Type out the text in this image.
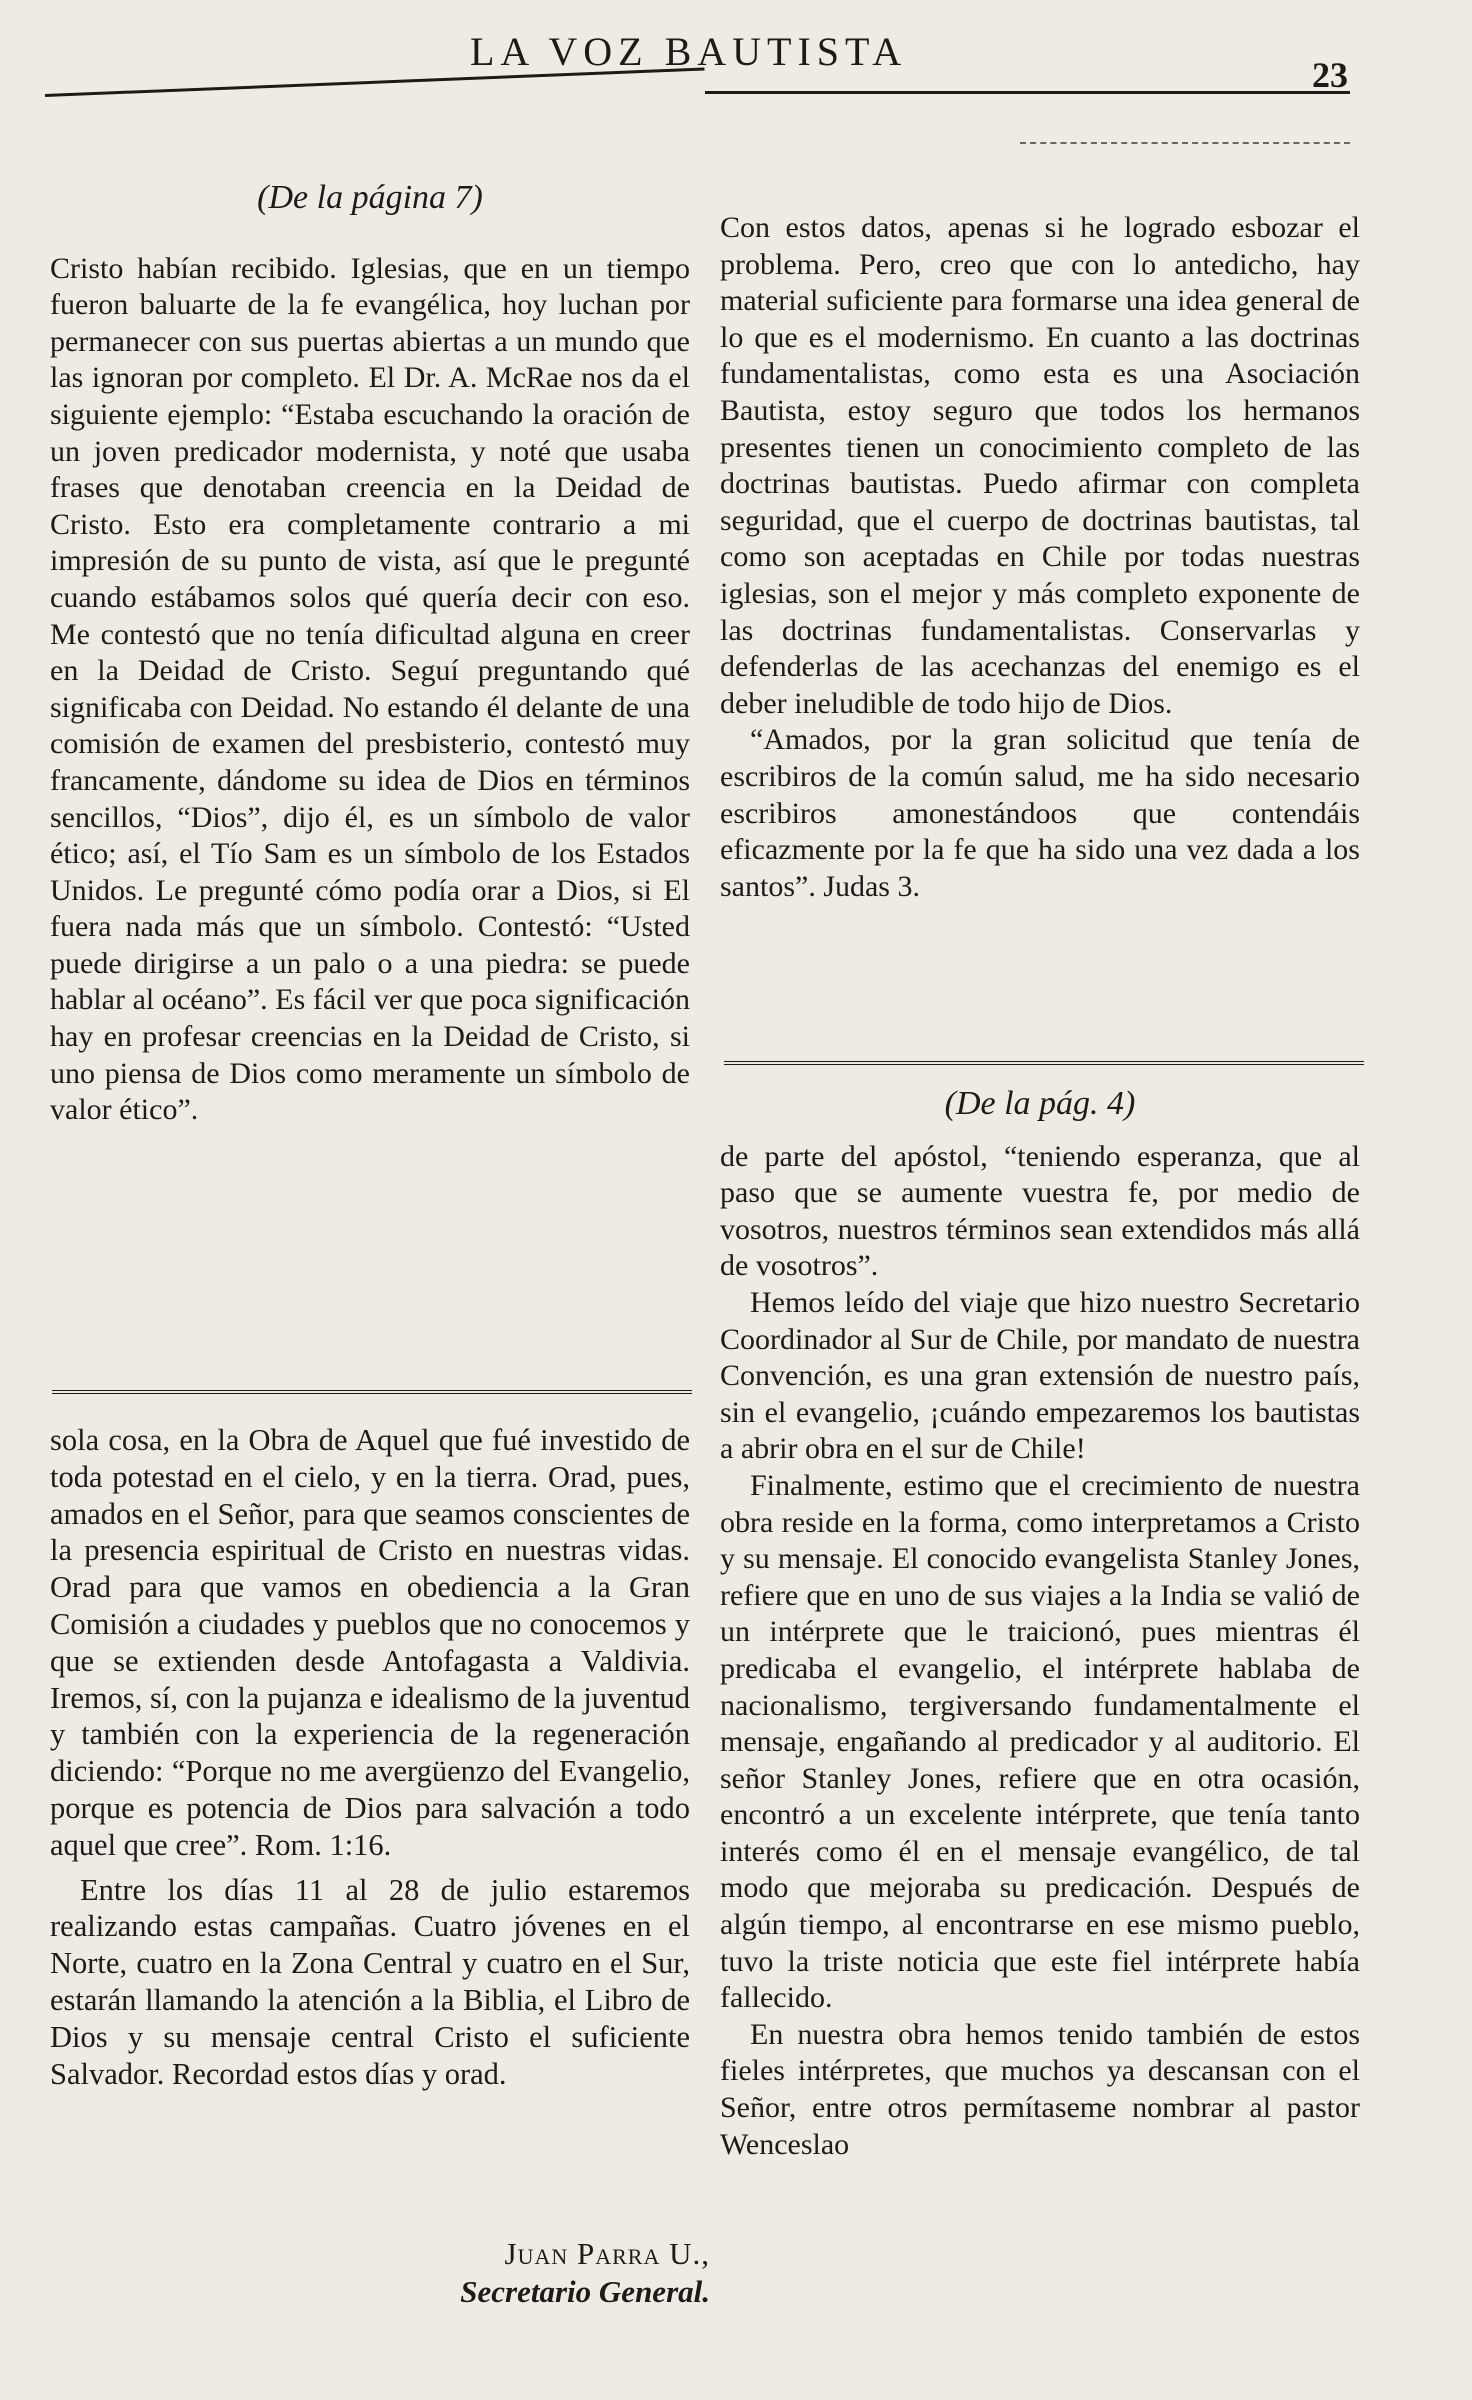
LA VOZ BAUTISTA
23
(De la página 7)

Cristo habían recibido. Iglesias, que en un tiempo fueron baluarte de la fe evangélica, hoy luchan por permanecer con sus puertas abiertas a un mundo que las ignoran por completo. El Dr. A. McRae nos da el siguiente ejemplo: “Estaba escuchando la oración de un joven predicador modernista, y noté que usaba frases que denotaban creencia en la Deidad de Cristo. Esto era completamente contrario a mi impresión de su punto de vista, así que le pregunté cuando estábamos solos qué quería decir con eso. Me contestó que no tenía dificultad alguna en creer en la Deidad de Cristo. Seguí preguntando qué significaba con Deidad. No estando él delante de una comisión de examen del presbisterio, contestó muy francamente, dándome su idea de Dios en términos sencillos, “Dios”, dijo él, es un símbolo de valor ético; así, el Tío Sam es un símbolo de los Estados Unidos. Le pregunté cómo podía orar a Dios, si El fuera nada más que un símbolo. Contestó: “Usted puede dirigirse a un palo o a una piedra: se puede hablar al océano”. Es fácil ver que poca significación hay en profesar creencias en la Deidad de Cristo, si uno piensa de Dios como meramente un símbolo de valor ético”.

Con estos datos, apenas si he logrado esbozar el problema. Pero, creo que con lo antedicho, hay material suficiente para formarse una idea general de lo que es el modernismo. En cuanto a las doctrinas fundamentalistas, como esta es una Asociación Bautista, estoy seguro que todos los hermanos presentes tienen un conocimiento completo de las doctrinas bautistas. Puedo afirmar con completa seguridad, que el cuerpo de doctrinas bautistas, tal como son aceptadas en Chile por todas nuestras iglesias, son el mejor y más completo exponente de las doctrinas fundamentalistas. Conservarlas y defenderlas de las acechanzas del enemigo es el deber ineludible de todo hijo de Dios.

“Amados, por la gran solicitud que tenía de escribiros de la común salud, me ha sido necesario escribiros amonestándoos que contendáis eficazmente por la fe que ha sido una vez dada a los santos”. Judas 3.

sola cosa, en la Obra de Aquel que fué investido de toda potestad en el cielo, y en la tierra. Orad, pues, amados en el Señor, para que seamos conscientes de la presencia espiritual de Cristo en nuestras vidas. Orad para que vamos en obediencia a la Gran Comisión a ciudades y pueblos que no conocemos y que se extienden desde Antofagasta a Valdivia. Iremos, sí, con la pujanza e idealismo de la juventud y también con la experiencia de la regeneración diciendo: “Porque no me avergüenzo del Evangelio, porque es potencia de Dios para salvación a todo aquel que cree”. Rom. 1:16.

Entre los días 11 al 28 de julio estaremos realizando estas campañas. Cuatro jóvenes en el Norte, cuatro en la Zona Central y cuatro en el Sur, estarán llamando la atención a la Biblia, el Libro de Dios y su mensaje central Cristo el suficiente Salvador. Recordad estos días y orad.

Juan Parra U.,
Secretario General.
(De la pág. 4)

de parte del apóstol, “teniendo esperanza, que al paso que se aumente vuestra fe, por medio de vosotros, nuestros términos sean extendidos más allá de vosotros”.

Hemos leído del viaje que hizo nuestro Secretario Coordinador al Sur de Chile, por mandato de nuestra Convención, es una gran extensión de nuestro país, sin el evangelio, ¡cuándo empezaremos los bautistas a abrir obra en el sur de Chile!

Finalmente, estimo que el crecimiento de nuestra obra reside en la forma, como interpretamos a Cristo y su mensaje. El conocido evangelista Stanley Jones, refiere que en uno de sus viajes a la India se valió de un intérprete que le traicionó, pues mientras él predicaba el evangelio, el intérprete hablaba de nacionalismo, tergiversando fundamentalmente el mensaje, engañando al predicador y al auditorio. El señor Stanley Jones, refiere que en otra ocasión, encontró a un excelente intérprete, que tenía tanto interés como él en el mensaje evangélico, de tal modo que mejoraba su predicación. Después de algún tiempo, al encontrarse en ese mismo pueblo, tuvo la triste noticia que este fiel intérprete había fallecido.

En nuestra obra hemos tenido también de estos fieles intérpretes, que muchos ya descansan con el Señor, entre otros permítaseme nombrar al pastor Wenceslao
